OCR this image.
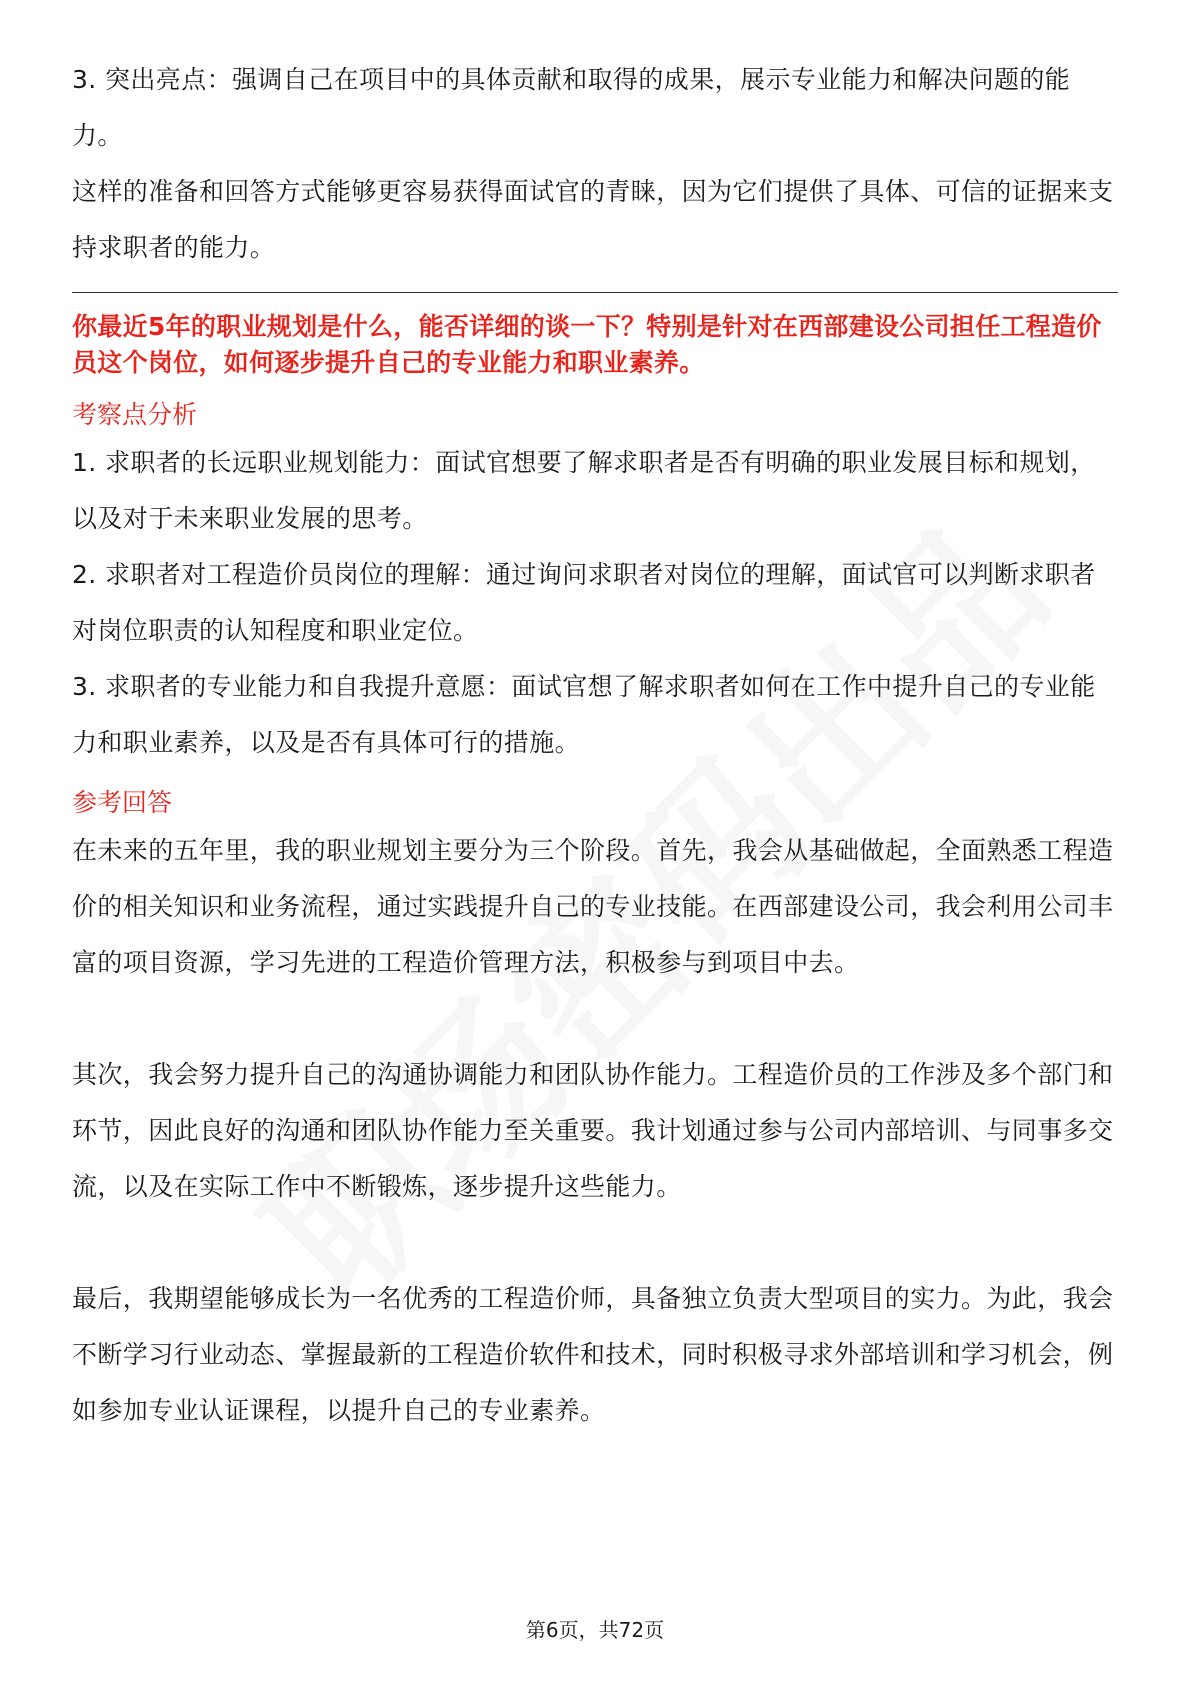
3. 突出亮点：强调自己在项目中的具体贡献和取得的成果，展示专业能力和解决问题的能力。

这样的准备和回答方式能够更容易获得面试官的青睐，因为它们提供了具体、可信的证据来支持求职者的能力。

你最近5年的职业规划是什么，能否详细的谈一下？特别是针对在西部建设公司担任工程造价员这个岗位，如何逐步提升自己的专业能力和职业素养。

考察点分析

1. 求职者的长远职业规划能力：面试官想要了解求职者是否有明确的职业发展目标和规划，以及对于未来职业发展的思考。

2. 求职者对工程造价员岗位的理解：通过询问求职者对岗位的理解，面试官可以判断求职者对岗位职责的认知程度和职业定位。

3. 求职者的专业能力和自我提升意愿：面试官想了解求职者如何在工作中提升自己的专业能力和职业素养，以及是否有具体可行的措施。

参考回答

在未来的五年里，我的职业规划主要分为三个阶段。首先，我会从基础做起，全面熟悉工程造价的相关知识和业务流程，通过实践提升自己的专业技能。在西部建设公司，我会利用公司丰富的项目资源，学习先进的工程造价管理方法，积极参与到项目中去。

其次，我会努力提升自己的沟通协调能力和团队协作能力。工程造价员的工作涉及多个部门和环节，因此良好的沟通和团队协作能力至关重要。我计划通过参与公司内部培训、与同事多交流，以及在实际工作中不断锻炼，逐步提升这些能力。

最后，我期望能够成长为一名优秀的工程造价师，具备独立负责大型项目的实力。为此，我会不断学习行业动态、掌握最新的工程造价软件和技术，同时积极寻求外部培训和学习机会，例如参加专业认证课程，以提升自己的专业素养。

第6页，共72页
